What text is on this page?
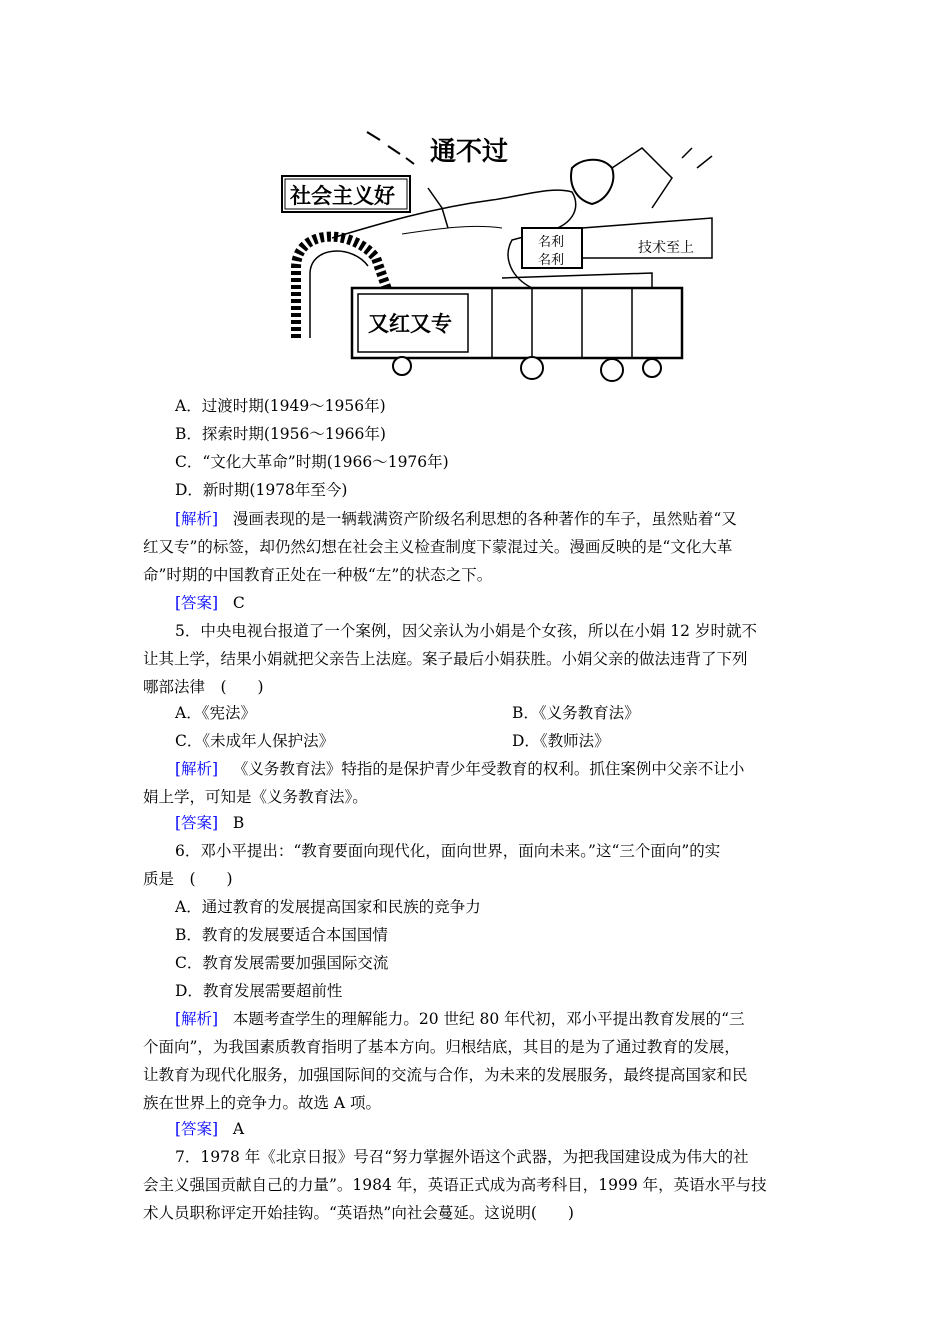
通不过
社会主义好
名利
名利
技术至上
又红又专
A．过渡时期(1949～1956年)
B．探索时期(1956～1966年)
C．“文化大革命”时期(1966～1976年)
D．新时期(1978年至今)
[解析] 漫画表现的是一辆载满资产阶级名利思想的各种著作的车子，虽然贴着“又
红又专”的标签，却仍然幻想在社会主义检查制度下蒙混过关。漫画反映的是“文化大革
命”时期的中国教育正处在一种极“左”的状态之下。
[答案] C
5．中央电视台报道了一个案例，因父亲认为小娟是个女孩，所以在小娟 12 岁时就不
让其上学，结果小娟就把父亲告上法庭。案子最后小娟获胜。小娟父亲的做法违背了下列
哪部法律　(　　)
A．《宪法》	B．《义务教育法》
C．《未成年人保护法》	D．《教师法》
[解析] 《义务教育法》特指的是保护青少年受教育的权利。抓住案例中父亲不让小
娟上学，可知是《义务教育法》。
[答案] B
6．邓小平提出：“教育要面向现代化，面向世界，面向未来。”这“三个面向”的实
质是　(　　)
A．通过教育的发展提高国家和民族的竞争力
B．教育的发展要适合本国国情
C．教育发展需要加强国际交流
D．教育发展需要超前性
[解析] 本题考查学生的理解能力。20 世纪 80 年代初，邓小平提出教育发展的“三
个面向”，为我国素质教育指明了基本方向。归根结底，其目的是为了通过教育的发展，
让教育为现代化服务，加强国际间的交流与合作，为未来的发展服务，最终提高国家和民
族在世界上的竞争力。故选 A 项。
[答案] A
7．1978 年《北京日报》号召“努力掌握外语这个武器，为把我国建设成为伟大的社
会主义强国贡献自己的力量”。1984 年，英语正式成为高考科目，1999 年，英语水平与技
术人员职称评定开始挂钩。“英语热”向社会蔓延。这说明(　　)
